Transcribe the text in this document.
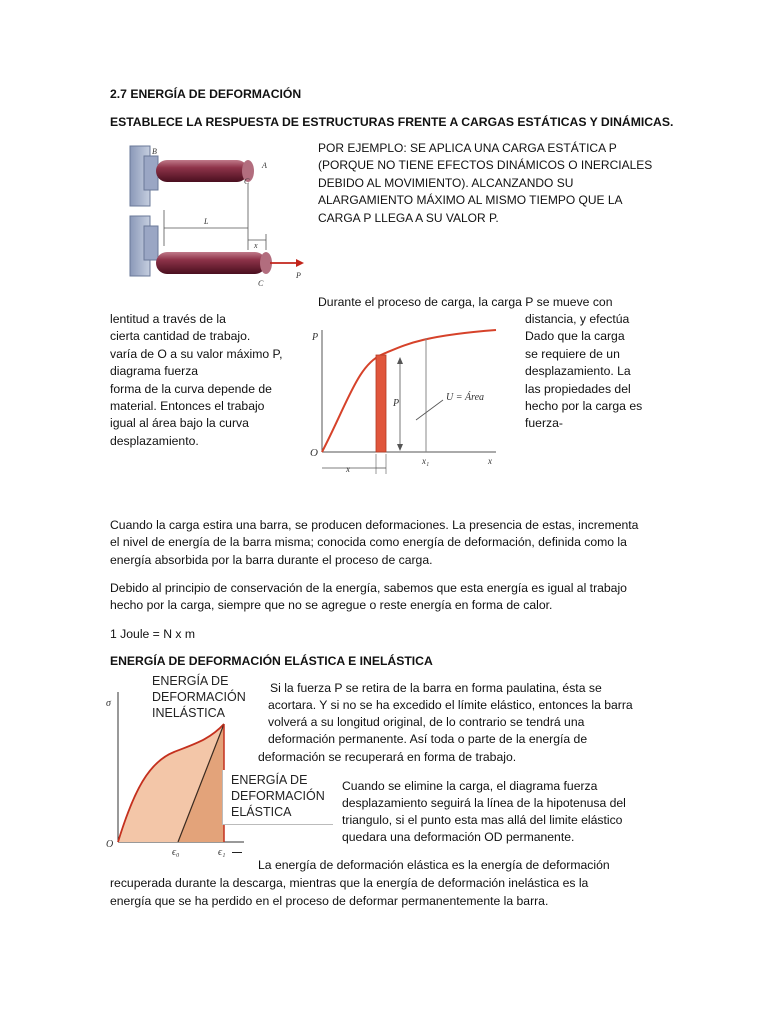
2.7 ENERGÍA DE DEFORMACIÓN
ESTABLECE LA RESPUESTA DE ESTRUCTURAS FRENTE A CARGAS ESTÁTICAS Y DINÁMICAS.
B
C
A
L
x
C
P
POR EJEMPLO: SE APLICA UNA CARGA ESTÁTICA P
(PORQUE NO TIENE EFECTOS DINÁMICOS O INERCIALES
DEBIDO AL MOVIMIENTO). ALCANZANDO SU
ALARGAMIENTO MÁXIMO AL MISMO TIEMPO QUE LA
CARGA P LLEGA A SU VALOR P.
Durante el proceso de carga, la carga P se mueve con
lentitud a través de la
cierta cantidad de trabajo.
varía de O a su valor máximo P,
diagrama fuerza
forma de la curva depende de
material. Entonces el trabajo
igual al área bajo la curva
desplazamiento.
distancia, y efectúa
Dado que la carga
se requiere de un
desplazamiento. La
las propiedades del
hecho por la carga es
fuerza-
P
P
U = Área
O
x
x₁	x
Cuando la carga estira una barra, se producen deformaciones. La presencia de estas, incrementa el nivel de energía de la barra misma; conocida como energía de deformación, definida como la energía absorbida por la barra durante el proceso de carga.
Debido al principio de conservación de la energía, sabemos que esta energía es igual al trabajo hecho por la carga, siempre que no se agregue o reste energía en forma de calor.
1 Joule = N x m
ENERGÍA DE DEFORMACIÓN ELÁSTICA E INELÁSTICA
σ
O
ϵ₀	ϵ₁
ENERGÍA DE
DEFORMACIÓN
INELÁSTICA
ENERGÍA DE
DEFORMACIÓN
ELÁSTICA
Si la fuerza P se retira de la barra en forma paulatina, ésta se
acortara. Y si no se ha excedido el límite elástico, entonces la barra
volverá a su longitud original, de lo contrario se tendrá una
deformación permanente. Así toda o parte de la energía de
deformación se recuperará en forma de trabajo.
Cuando se elimine la carga, el diagrama fuerza
desplazamiento seguirá la línea de la hipotenusa del
triangulo, si el punto esta mas allá del limite elástico
quedara una deformación OD permanente.
La energía de deformación elástica es la energía de deformación
recuperada durante la descarga, mientras que la energía de deformación inelástica es la
energía que se ha perdido en el proceso de deformar permanentemente la barra.
